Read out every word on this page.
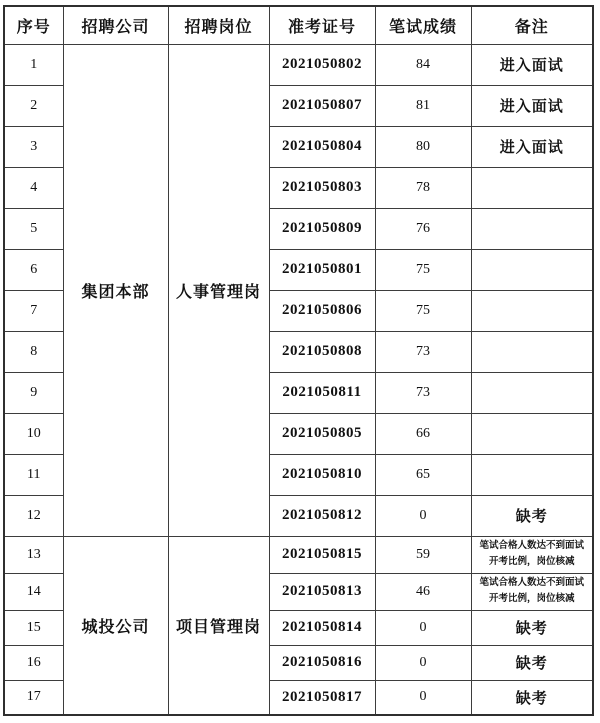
序号	招聘公司	招聘岗位	准考证号	笔试成绩	备注
1	集团本部	人事管理岗	2021050802	84	进入面试
2			2021050807	81	进入面试
3			2021050804	80	进入面试
4			2021050803	78	
5			2021050809	76	
6			2021050801	75	
7			2021050806	75	
8			2021050808	73	
9			2021050811	73	
10			2021050805	66	
11			2021050810	65	
12			2021050812	0	缺考
13	城投公司	项目管理岗	2021050815	59	笔试合格人数达不到面试开考比例，岗位核减
14			2021050813	46	笔试合格人数达不到面试开考比例，岗位核减
15			2021050814	0	缺考
16			2021050816	0	缺考
17			2021050817	0	缺考
